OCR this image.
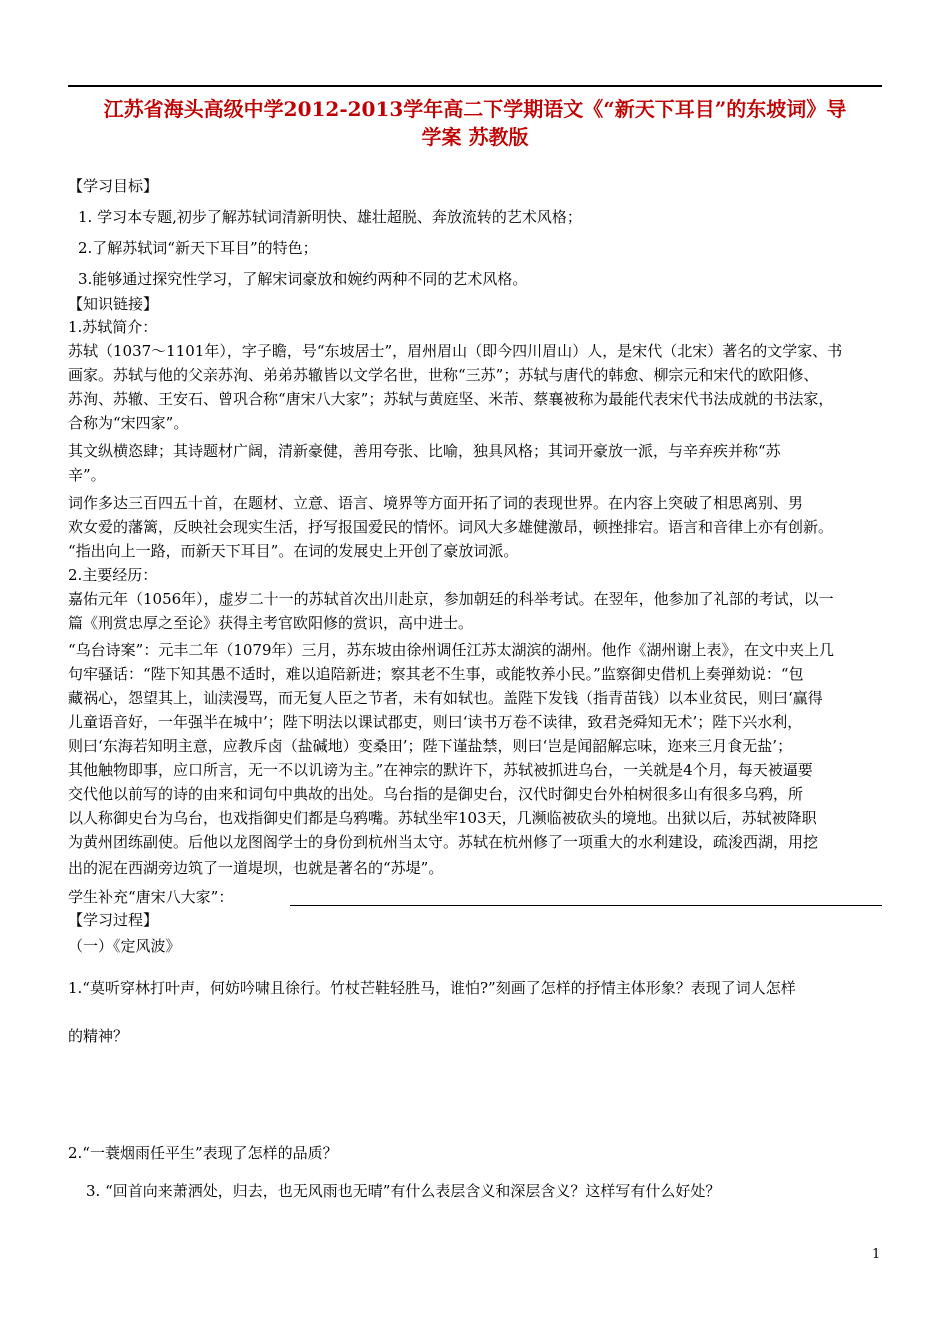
江苏省海头高级中学2012-2013学年高二下学期语文《“新天下耳目”的东坡词》导
学案 苏教版
【学习目标】
1. 学习本专题,初步了解苏轼词清新明快、雄壮超脱、奔放流转的艺术风格；
2.了解苏轼词“新天下耳目”的特色；
3.能够通过探究性学习，了解宋词豪放和婉约两种不同的艺术风格。
【知识链接】
1.苏轼简介：
苏轼（1037～1101年），字子瞻，号“东坡居士”，眉州眉山（即今四川眉山）人，是宋代（北宋）著名的文学家、书
画家。苏轼与他的父亲苏洵、弟弟苏辙皆以文学名世，世称“三苏”；苏轼与唐代的韩愈、柳宗元和宋代的欧阳修、
苏洵、苏辙、王安石、曾巩合称“唐宋八大家”；苏轼与黄庭坚、米芾、蔡襄被称为最能代表宋代书法成就的书法家，
合称为“宋四家”。
其文纵横恣肆；其诗题材广阔，清新豪健，善用夸张、比喻，独具风格；其词开豪放一派，与辛弃疾并称“苏
辛”。
词作多达三百四五十首，在题材、立意、语言、境界等方面开拓了词的表现世界。在内容上突破了相思离别、男
欢女爱的藩篱，反映社会现实生活，抒写报国爱民的情怀。词风大多雄健激昂，顿挫排宕。语言和音律上亦有创新。
“指出向上一路，而新天下耳目”。在词的发展史上开创了豪放词派。
2.主要经历：
嘉佑元年（1056年），虚岁二十一的苏轼首次出川赴京，参加朝廷的科举考试。在翌年，他参加了礼部的考试，以一
篇《刑赏忠厚之至论》获得主考官欧阳修的赏识，高中进士。
“乌台诗案”：元丰二年（1079年）三月，苏东坡由徐州调任江苏太湖滨的湖州。他作《湖州谢上表》，在文中夹上几
句牢骚话：“陛下知其愚不适时，难以追陪新进；察其老不生事，或能牧养小民。”监察御史借机上奏弹劾说：“包
藏祸心，怨望其上，讪渎漫骂，而无复人臣之节者，未有如轼也。盖陛下发钱（指青苗钱）以本业贫民，则曰‘赢得
儿童语音好，一年强半在城中’；陛下明法以课试郡吏，则曰‘读书万卷不读律，致君尧舜知无术’；陛下兴水利，
则曰‘东海若知明主意，应教斥卤（盐碱地）变桑田’；陛下谨盐禁，则曰‘岂是闻韶解忘味，迩来三月食无盐’；
其他触物即事，应口所言，无一不以讥谤为主。”在神宗的默许下，苏轼被抓进乌台，一关就是4个月，每天被逼要
交代他以前写的诗的由来和词句中典故的出处。乌台指的是御史台，汉代时御史台外柏树很多山有很多乌鸦，所
以人称御史台为乌台，也戏指御史们都是乌鸦嘴。苏轼坐牢103天，几濒临被砍头的境地。出狱以后，苏轼被降职
为黄州团练副使。后他以龙图阁学士的身份到杭州当太守。苏轼在杭州修了一项重大的水利建设，疏浚西湖，用挖
出的泥在西湖旁边筑了一道堤坝，也就是著名的“苏堤”。
学生补充“唐宋八大家”：
【学习过程】
（一）《定风波》
1.“莫听穿林打叶声，何妨吟啸且徐行。竹杖芒鞋轻胜马，谁怕?”刻画了怎样的抒情主体形象？表现了词人怎样
的精神？
2.“一蓑烟雨任平生”表现了怎样的品质？
3. “回首向来萧洒处，归去，也无风雨也无晴”有什么表层含义和深层含义？这样写有什么好处？
1
